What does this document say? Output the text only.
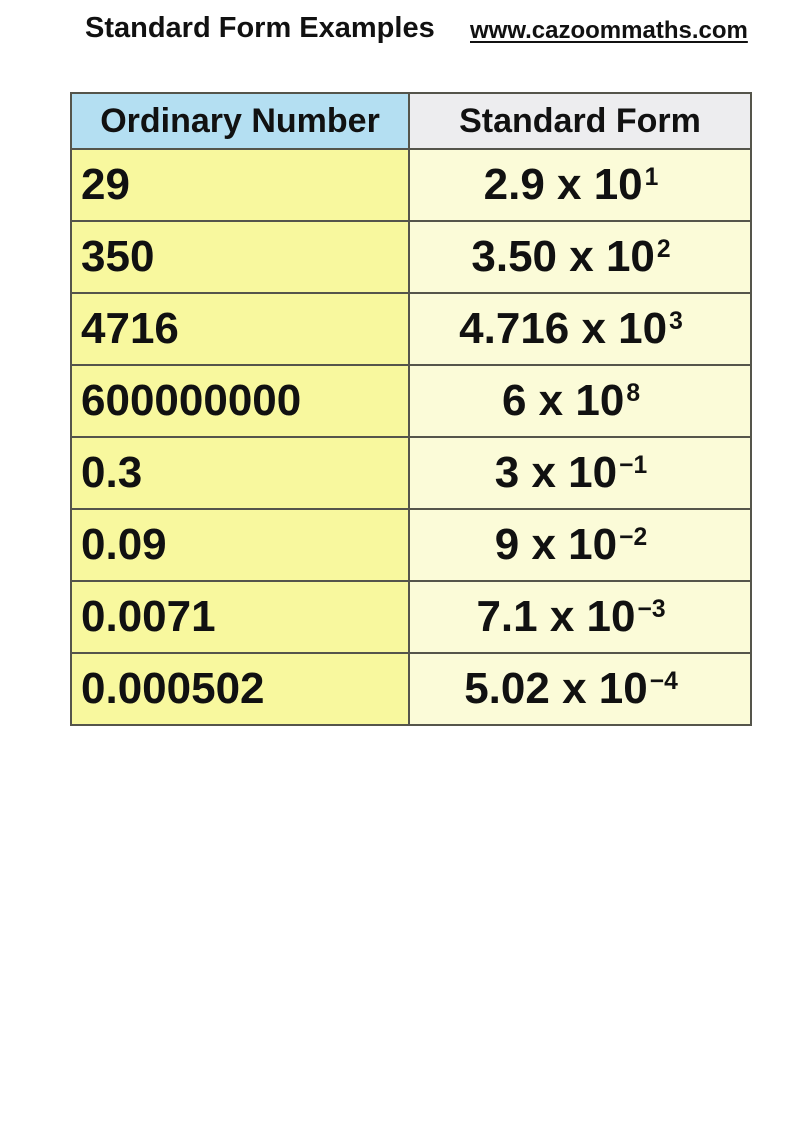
Standard Form Examples www.cazoommaths.com
Ordinary Number	Standard Form
29	2.9 x $10^1$
350	3.50 x $10^2$
4716	4.716 x $10^3$
600000000	6 x $10^8$
0.3	3 x $10^{-1}$
0.09	9 x $10^{-2}$
0.0071	7.1 x $10^{-3}$
0.000502	5.02 x $10^{-4}$
